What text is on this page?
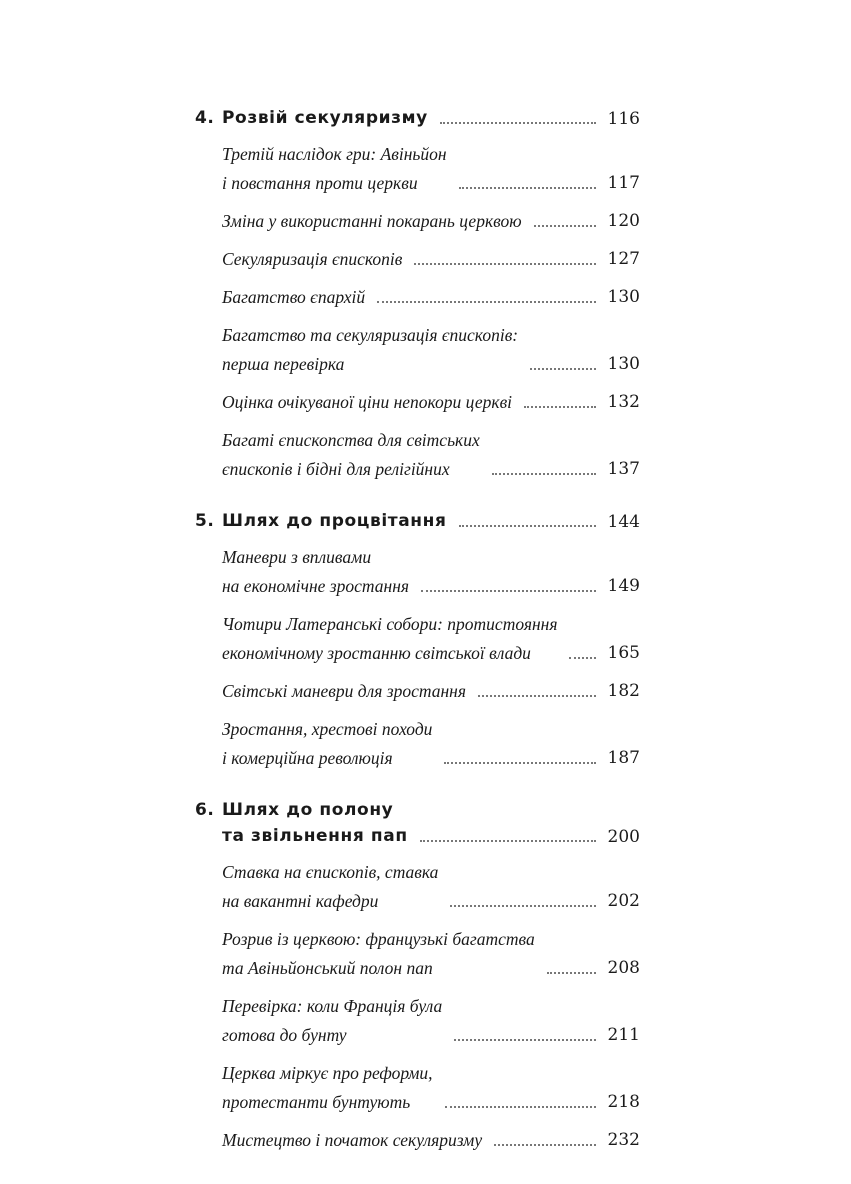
4. Розвій секуляризму	116
Третій наслідок гри: Авіньйон
і повстання проти церкви	117
Зміна у використанні покарань церквою	120
Секуляризація єпископів	127
Багатство єпархій	130
Багатство та секуляризація єпископів:
перша перевірка	130
Оцінка очікуваної ціни непокори церкві	132
Багаті єпископства для світських
єпископів і бідні для релігійних	137
5. Шлях до процвітання	144
Маневри з впливами
на економічне зростання	149
Чотири Латеранські собори: протистояння
економічному зростанню світської влади	165
Світські маневри для зростання	182
Зростання, хрестові походи
і комерційна революція	187
6. Шлях до полону
та звільнення пап	200
Ставка на єпископів, ставка
на вакантні кафедри	202
Розрив із церквою: французькі багатства
та Авіньйонський полон пап	208
Перевірка: коли Франція була
готова до бунту	211
Церква міркує про реформи,
протестанти бунтують	218
Мистецтво і початок секуляризму	232
